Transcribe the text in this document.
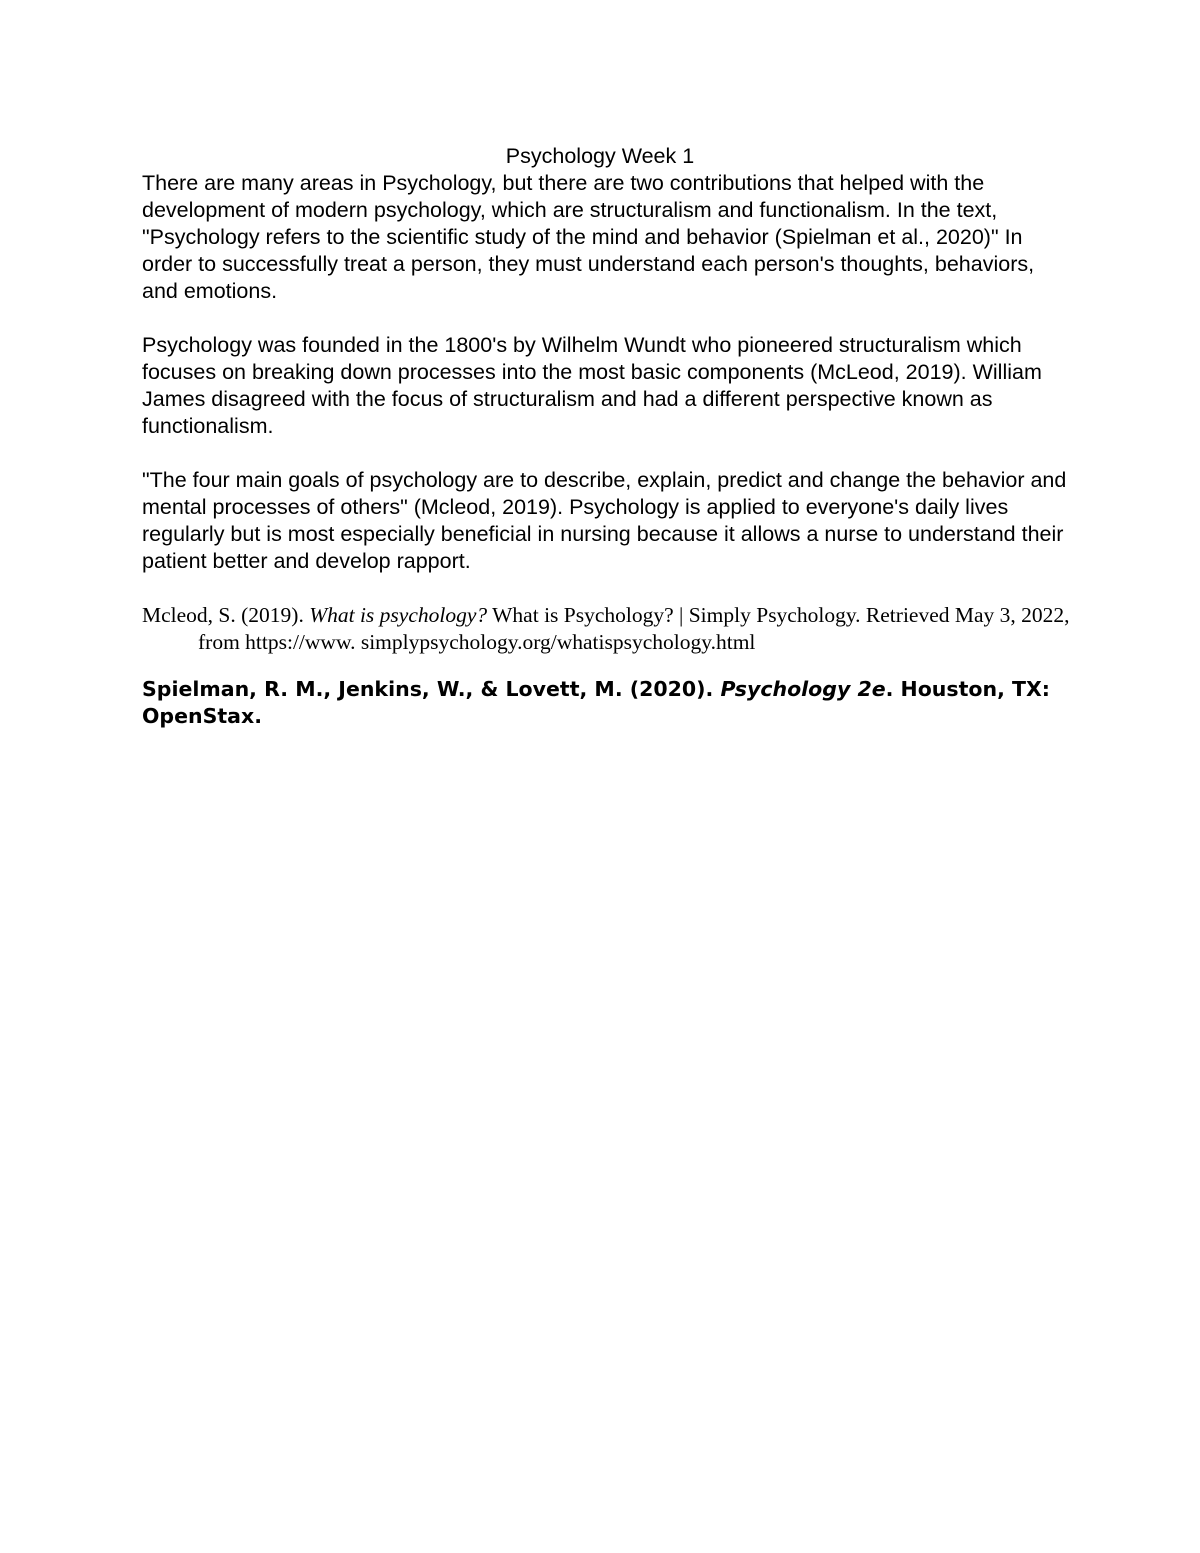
Psychology Week 1

There are many areas in Psychology, but there are two contributions that helped with the development of modern psychology, which are structuralism and functionalism. In the text, "Psychology refers to the scientific study of the mind and behavior (Spielman et al., 2020)" In order to successfully treat a person, they must understand each person's thoughts, behaviors, and emotions.

Psychology was founded in the 1800's by Wilhelm Wundt who pioneered structuralism which focuses on breaking down processes into the most basic components (McLeod, 2019). William James disagreed with the focus of structuralism and had a different perspective known as functionalism.

"The four main goals of psychology are to describe, explain, predict and change the behavior and mental processes of others" (Mcleod, 2019). Psychology is applied to everyone's daily lives regularly but is most especially beneficial in nursing because it allows a nurse to understand their patient better and develop rapport.

Mcleod, S. (2019). What is psychology? What is Psychology? | Simply Psychology. Retrieved May 3, 2022, from https://www. simplypsychology.org/whatispsychology.html

Spielman, R. M., Jenkins, W., & Lovett, M. (2020). Psychology 2e. Houston, TX: OpenStax.
